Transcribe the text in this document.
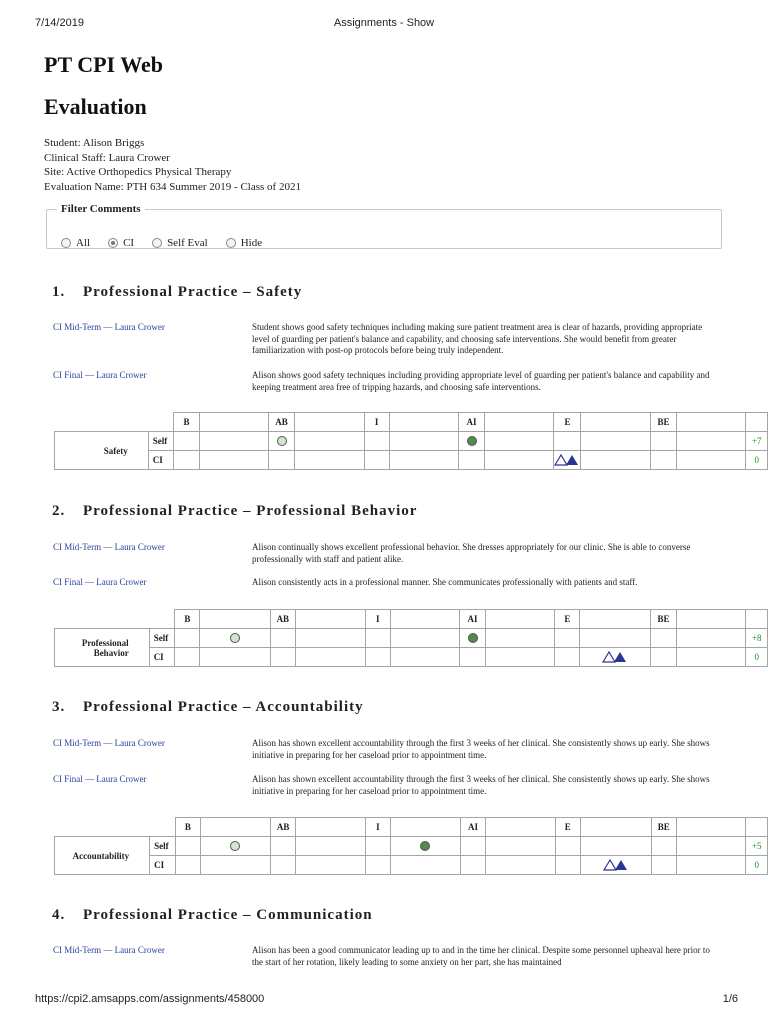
7/14/2019	Assignments - Show
PT CPI Web
Evaluation
Student: Alison Briggs
Clinical Staff: Laura Crower
Site: Active Orthopedics Physical Therapy
Evaluation Name: PTH 634 Summer 2019 - Class of 2021
Filter Comments
All	CI	Self Eval	Hide
1. Professional Practice – Safety
CI Mid-Term — Laura Crower	Student shows good safety techniques including making sure patient treatment area is clear of hazards, providing appropriate level of guarding per patient's balance and capability, and choosing safe interventions. She would benefit from greater familiarization with post-op protocols before being truly independent.
CI Final — Laura Crower	Alison shows good safety techniques including providing appropriate level of guarding per patient's balance and capability and keeping treatment area free of tripping hazards, and choosing safe interventions.
		B		AB		I		AI		E		BE		
Safety	Self													+7
	CI													0
2. Professional Practice – Professional Behavior
CI Mid-Term — Laura Crower	Alison continually shows excellent professional behavior. She dresses appropriately for our clinic. She is able to converse professionally with staff and patient alike.
CI Final — Laura Crower	Alison consistently acts in a professional manner. She communicates professionally with patients and staff.
		B		AB		I		AI		E		BE		
Professional Behavior	Self													+8
	CI													0
3. Professional Practice – Accountability
CI Mid-Term — Laura Crower	Alison has shown excellent accountability through the first 3 weeks of her clinical. She consistently shows up early. She shows initiative in preparing for her caseload prior to appointment time.
CI Final — Laura Crower	Alison has shown excellent accountability through the first 3 weeks of her clinical. She consistently shows up early. She shows initiative in preparing for her caseload prior to appointment time.
		B		AB		I		AI		E		BE		
Accountability	Self													+5
	CI													0
4. Professional Practice – Communication
CI Mid-Term — Laura Crower	Alison has been a good communicator leading up to and in the time her clinical. Despite some personnel upheaval here prior to the start of her rotation, likely leading to some anxiety on her part, she has maintained
https://cpi2.amsapps.com/assignments/458000	1/6
